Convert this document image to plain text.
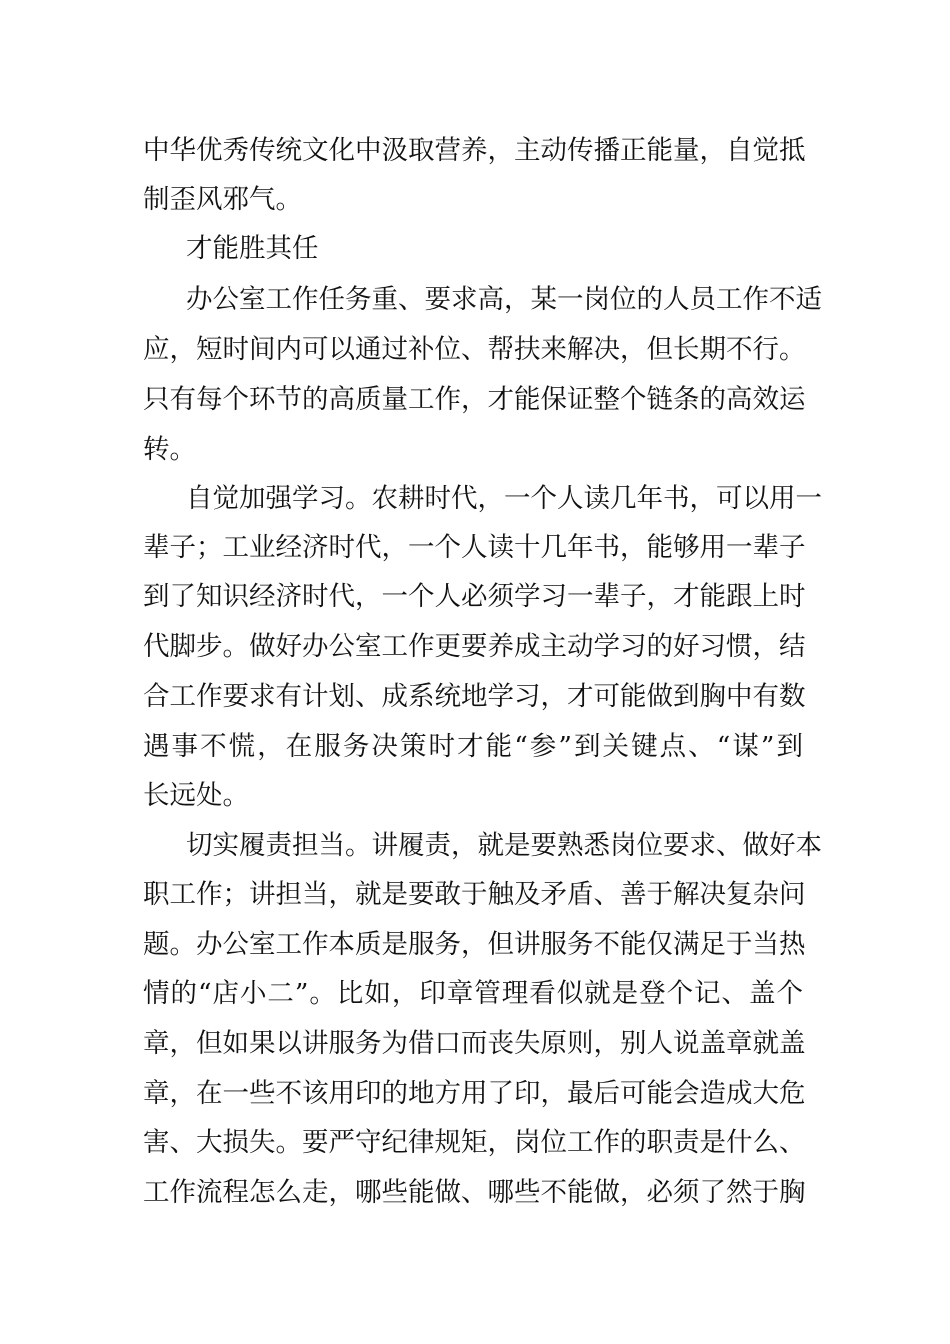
中华优秀传统文化中汲取营养，主动传播正能量，自觉抵
制歪风邪气。
才能胜其任
办公室工作任务重、要求高，某一岗位的人员工作不适
应，短时间内可以通过补位、帮扶来解决，但长期不行。
只有每个环节的高质量工作，才能保证整个链条的高效运
转。
自觉加强学习。农耕时代，一个人读几年书，可以用一
辈子；工业经济时代，一个人读十几年书，能够用一辈子
到了知识经济时代，一个人必须学习一辈子，才能跟上时
代脚步。做好办公室工作更要养成主动学习的好习惯，结
合工作要求有计划、成系统地学习，才可能做到胸中有数
遇事不慌，在服务决策时才能“参”到关键点、“谋”到
长远处。
切实履责担当。讲履责，就是要熟悉岗位要求、做好本
职工作；讲担当，就是要敢于触及矛盾、善于解决复杂问
题。办公室工作本质是服务，但讲服务不能仅满足于当热
情的“店小二”。比如，印章管理看似就是登个记、盖个
章，但如果以讲服务为借口而丧失原则，别人说盖章就盖
章，在一些不该用印的地方用了印，最后可能会造成大危
害、大损失。要严守纪律规矩，岗位工作的职责是什么、
工作流程怎么走，哪些能做、哪些不能做，必须了然于胸
